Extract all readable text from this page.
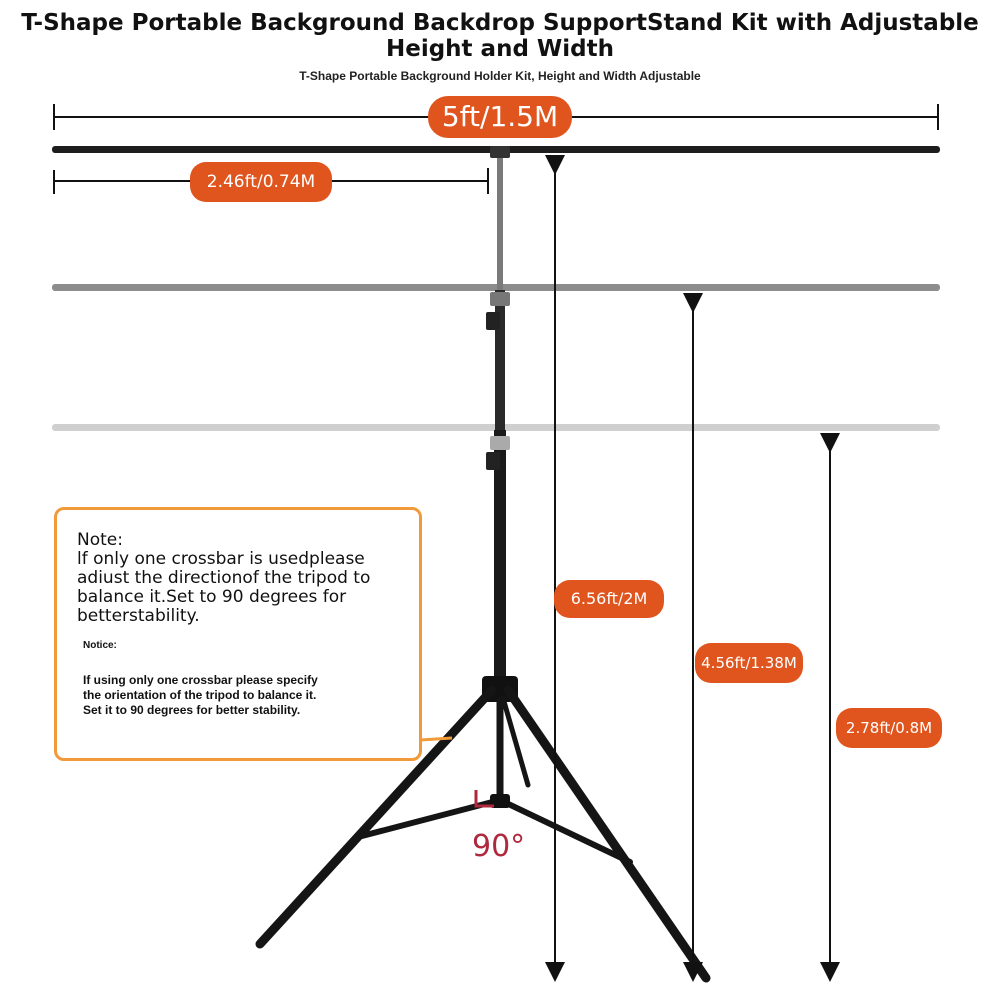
T-Shape Portable Background Backdrop SupportStand Kit with Adjustable Height and Width
T-Shape Portable Background Holder Kit, Height and Width Adjustable
5ft/1.5M
2.46ft/0.74M
6.56ft/2M
4.56ft/1.38M
2.78ft/0.8M
Note:
lf only one crossbar is usedplease adiust the directionof the tripod to balance it.Set to 90 degrees for betterstability.
Notice:
If using only one crossbar please specify the orientation of the tripod to balance it. Set it to 90 degrees for better stability.
90°
